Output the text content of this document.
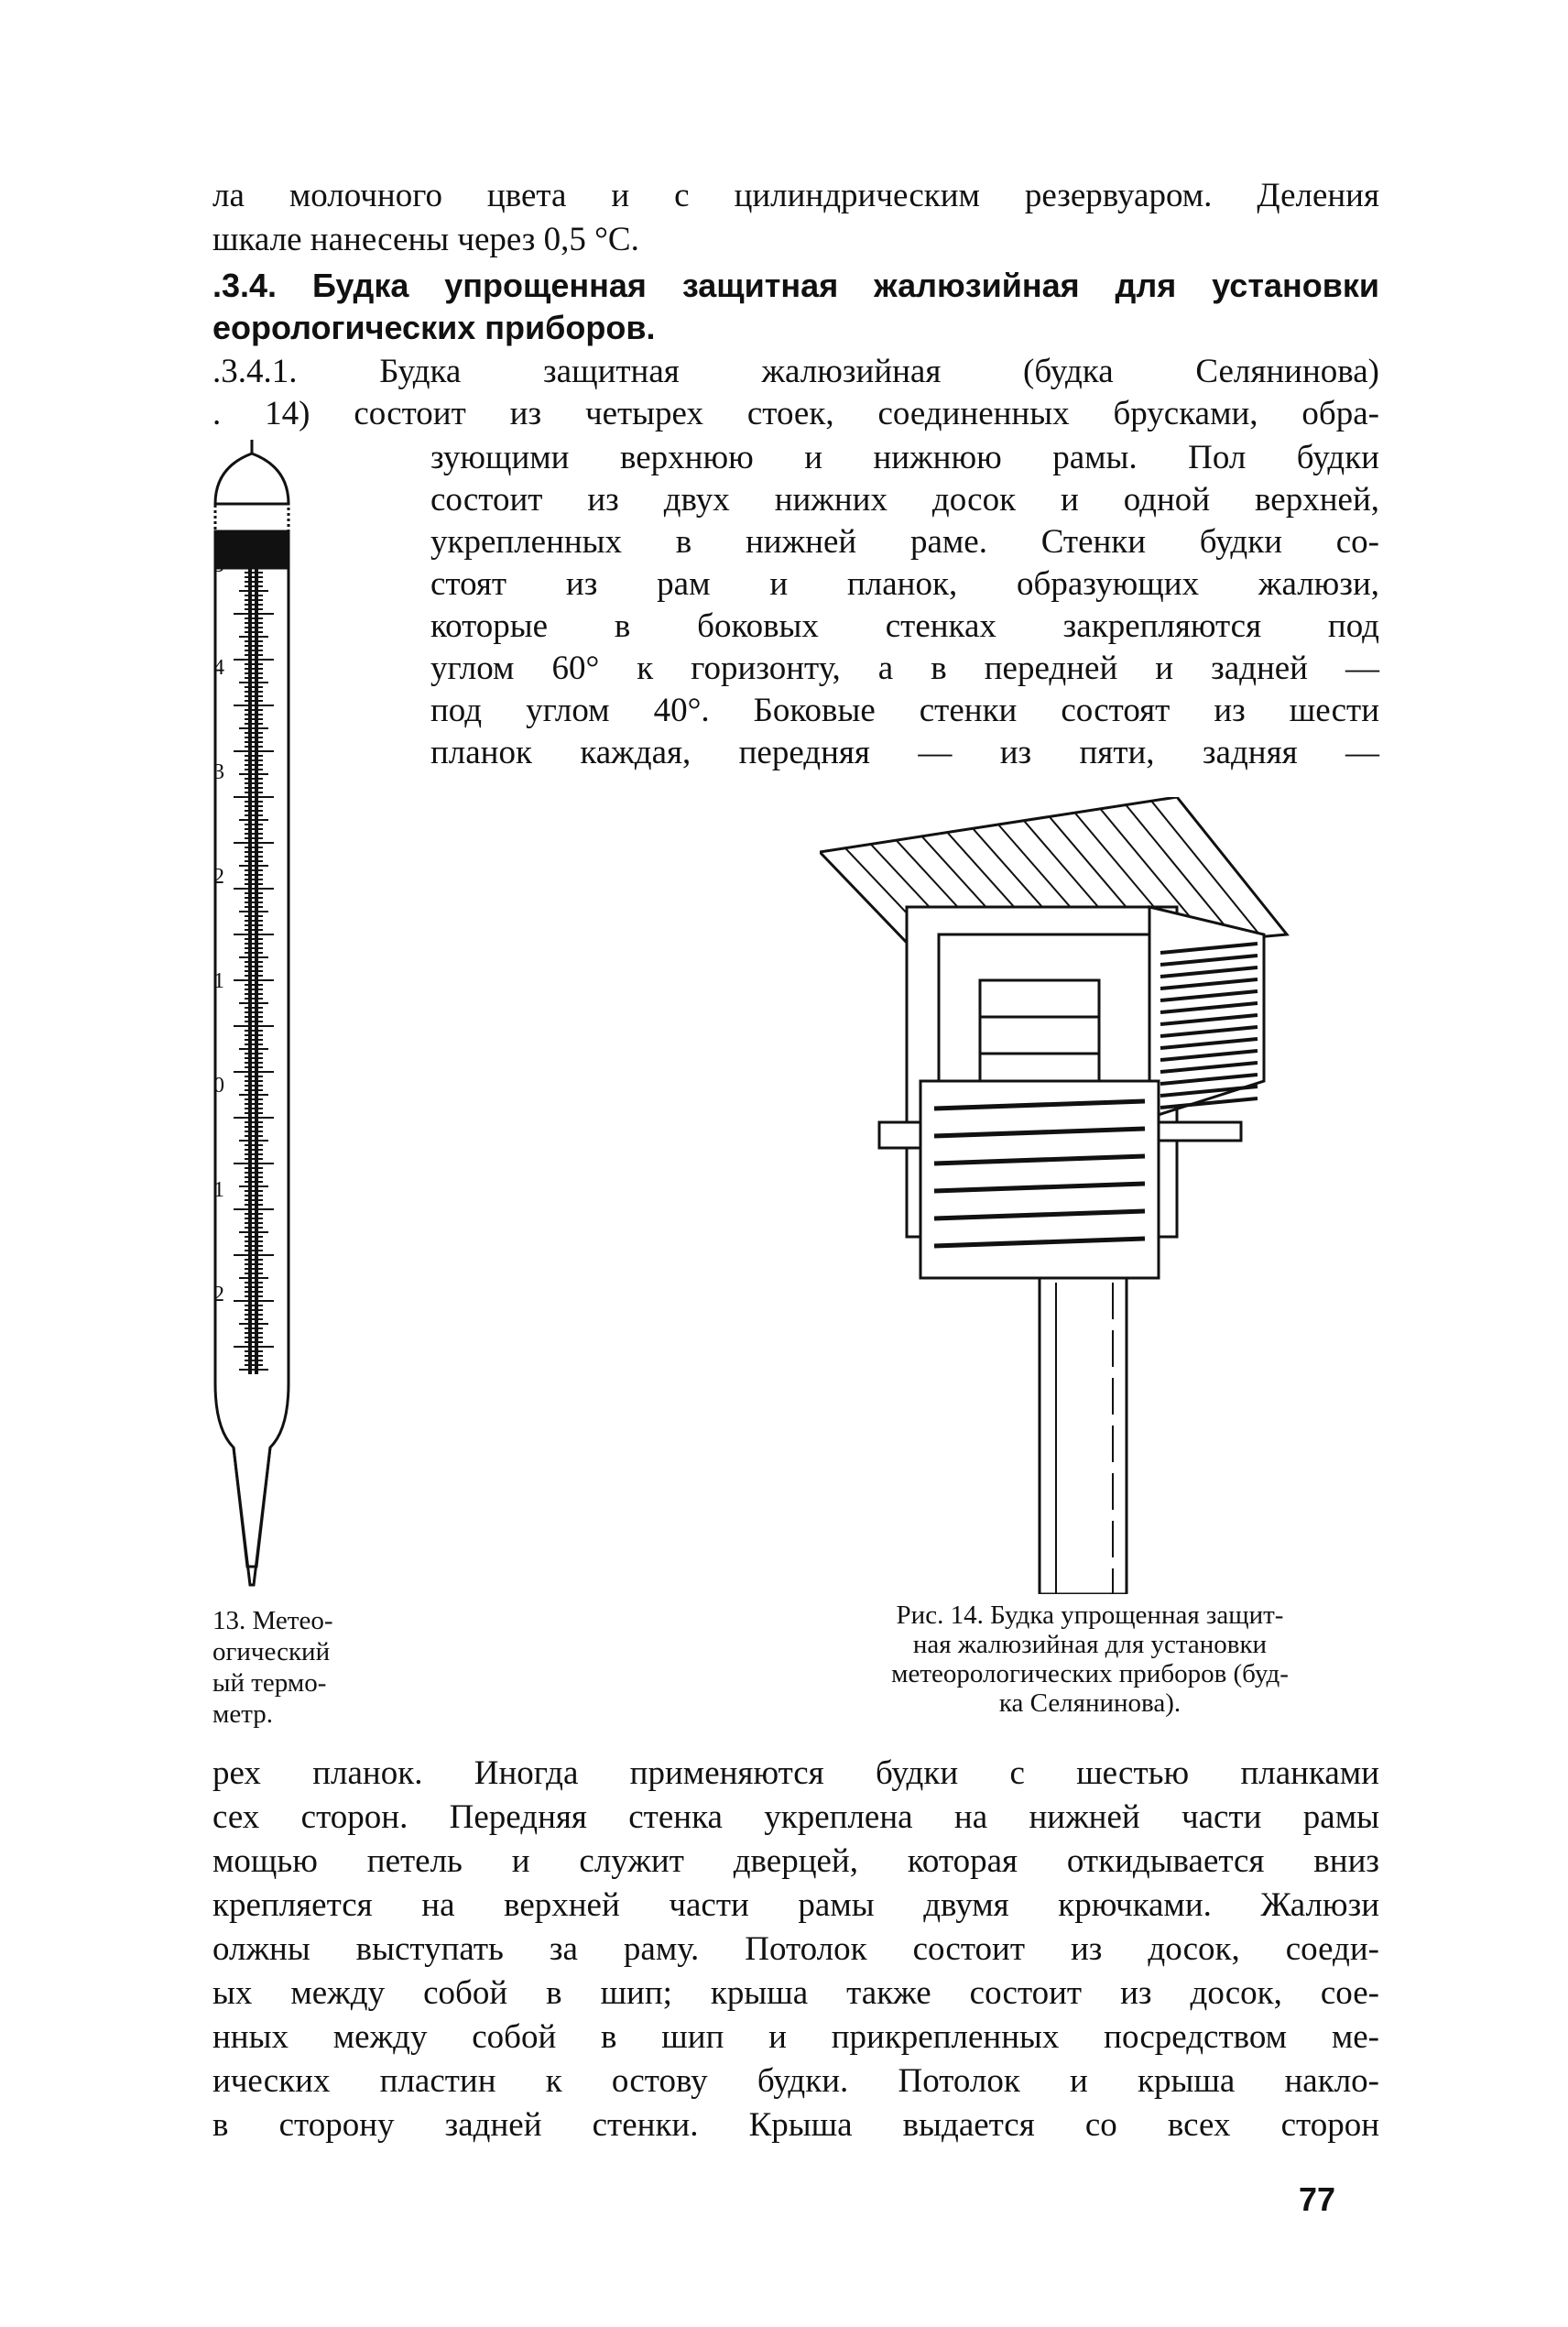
ла молочного цвета и с цилиндрическим резервуаром. Деления
шкале нанесены через 0,5 °С.
.3.4. Будка упрощенная защитная жалюзийная для установки
еорологических приборов.
.3.4.1. Будка защитная жалюзийная (будка Селянинова)
. 14) состоит из четырех стоек, соединенных брусками, обра-
зующими верхнюю и нижнюю рамы. Пол будки
состоит из двух нижних досок и одной верхней,
укрепленных в нижней раме. Стенки будки со-
стоят из рам и планок, образующих жалюзи,
которые в боковых стенках закрепляются под
углом 60° к горизонту, а в передней и задней —
под углом 40°. Боковые стенки состоят из шести
планок каждая, передняя — из пяти, задняя —
5
4
3
2
1
0
1
2
13. Метео-
огический
ый термо-
метр.
Рис. 14. Будка упрощенная защит-
ная жалюзийная для установки
метеорологических приборов (буд-
ка Селянинова).
рех планок. Иногда применяются будки с шестью планками
сех сторон. Передняя стенка укреплена на нижней части рамы
мощью петель и служит дверцей, которая откидывается вниз
крепляется на верхней части рамы двумя крючками. Жалюзи
олжны выступать за раму. Потолок состоит из досок, соеди-
ых между собой в шип; крыша также состоит из досок, сое-
нных между собой в шип и прикрепленных посредством ме-
ических пластин к остову будки. Потолок и крыша накло-
в сторону задней стенки. Крыша выдается со всех сторон
77
